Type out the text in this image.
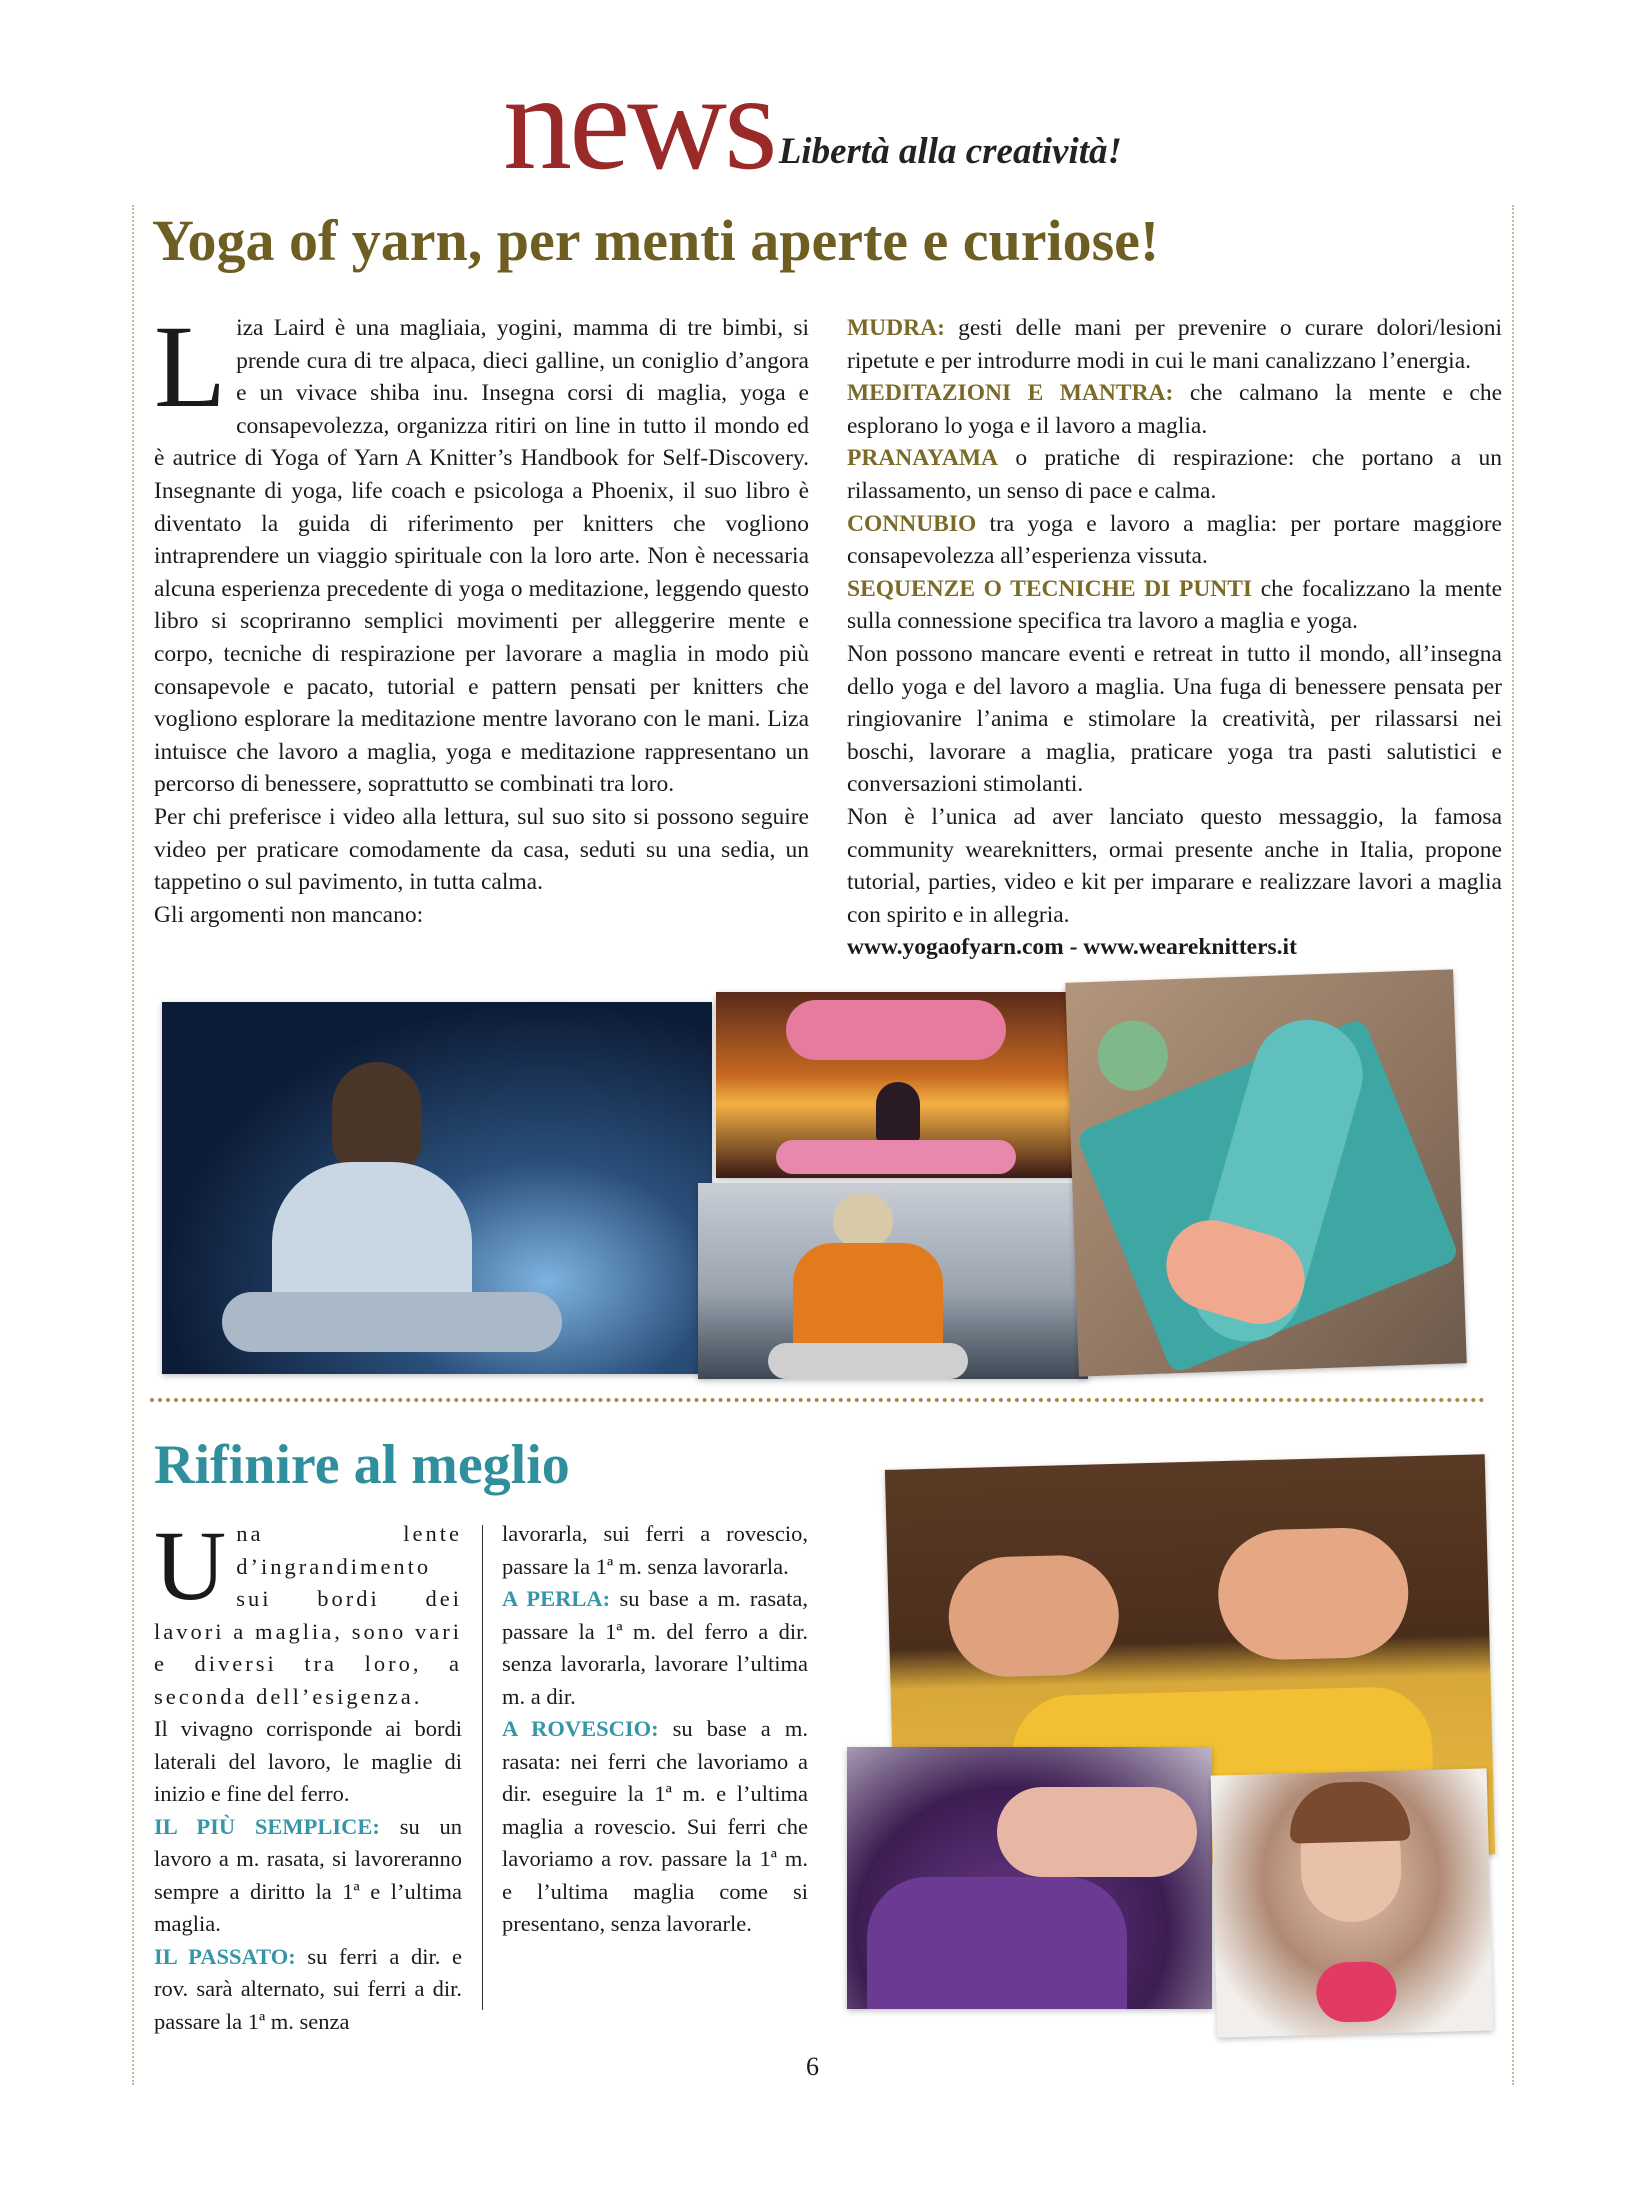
news Libertà alla creatività!
Yoga of yarn, per menti aperte e curiose!

Liza Laird è una magliaia, yogini, mamma di tre bimbi, si prende cura di tre alpaca, dieci galline, un coniglio d’angora e un vivace shiba inu. Insegna corsi di maglia, yoga e consapevolezza, organizza ritiri on line in tutto il mondo ed è autrice di Yoga of Yarn A Knitter’s Handbook for Self-Discovery. Insegnante di yoga, life coach e psicologa a Phoenix, il suo libro è diventato la guida di riferimento per knitters che vogliono intraprendere un viaggio spirituale con la loro arte. Non è necessaria alcuna esperienza precedente di yoga o meditazione, leggendo questo libro si scopriranno semplici movimenti per alleggerire mente e corpo, tecniche di respirazione per lavorare a maglia in modo più consapevole e pacato, tutorial e pattern pensati per knitters che vogliono esplorare la meditazione mentre lavorano con le mani. Liza intuisce che lavoro a maglia, yoga e meditazione rappresentano un percorso di benessere, soprattutto se combinati tra loro.

Per chi preferisce i video alla lettura, sul suo sito si possono seguire video per praticare comodamente da casa, seduti su una sedia, un tappetino o sul pavimento, in tutta calma.

Gli argomenti non mancano:

MUDRA: gesti delle mani per prevenire o curare dolori/lesioni ripetute e per introdurre modi in cui le mani canalizzano l’energia.

MEDITAZIONI E MANTRA: che calmano la mente e che esplorano lo yoga e il lavoro a maglia.

PRANAYAMA o pratiche di respirazione: che portano a un rilassamento, un senso di pace e calma.

CONNUBIO tra yoga e lavoro a maglia: per portare maggiore consapevolezza all’esperienza vissuta.

SEQUENZE O TECNICHE DI PUNTI che focalizzano la mente sulla connessione specifica tra lavoro a maglia e yoga.

Non possono mancare eventi e retreat in tutto il mondo, all’insegna dello yoga e del lavoro a maglia. Una fuga di benessere pensata per ringiovanire l’anima e stimolare la creatività, per rilassarsi nei boschi, lavorare a maglia, praticare yoga tra pasti salutistici e conversazioni stimolanti.

Non è l’unica ad aver lanciato questo messaggio, la famosa community weareknitters, ormai presente anche in Italia, propone tutorial, parties, video e kit per imparare e realizzare lavori a maglia con spirito e in allegria.

www.yogaofyarn.com - www.weareknitters.it

Rifinire al meglio

Una lente d’ingrandimento sui bordi dei lavori a maglia, sono vari e diversi tra loro, a seconda dell’esigenza.

Il vivagno corrisponde ai bordi laterali del lavoro, le maglie di inizio e fine del ferro.

IL PIÙ SEMPLICE: su un lavoro a m. rasata, si lavoreranno sempre a diritto la 1ª e l’ultima maglia.

IL PASSATO: su ferri a dir. e rov. sarà alternato, sui ferri a dir. passare la 1ª m. senza

lavorarla, sui ferri a rovescio, passare la 1ª m. senza lavorarla.

A PERLA: su base a m. rasata, passare la 1ª m. del ferro a dir. senza lavorarla, lavorare l’ultima m. a dir.

A ROVESCIO: su base a m. rasata: nei ferri che lavoriamo a dir. eseguire la 1ª m. e l’ultima maglia a rovescio. Sui ferri che lavoriamo a rov. passare la 1ª m. e l’ultima maglia come si presentano, senza lavorarle.

6
